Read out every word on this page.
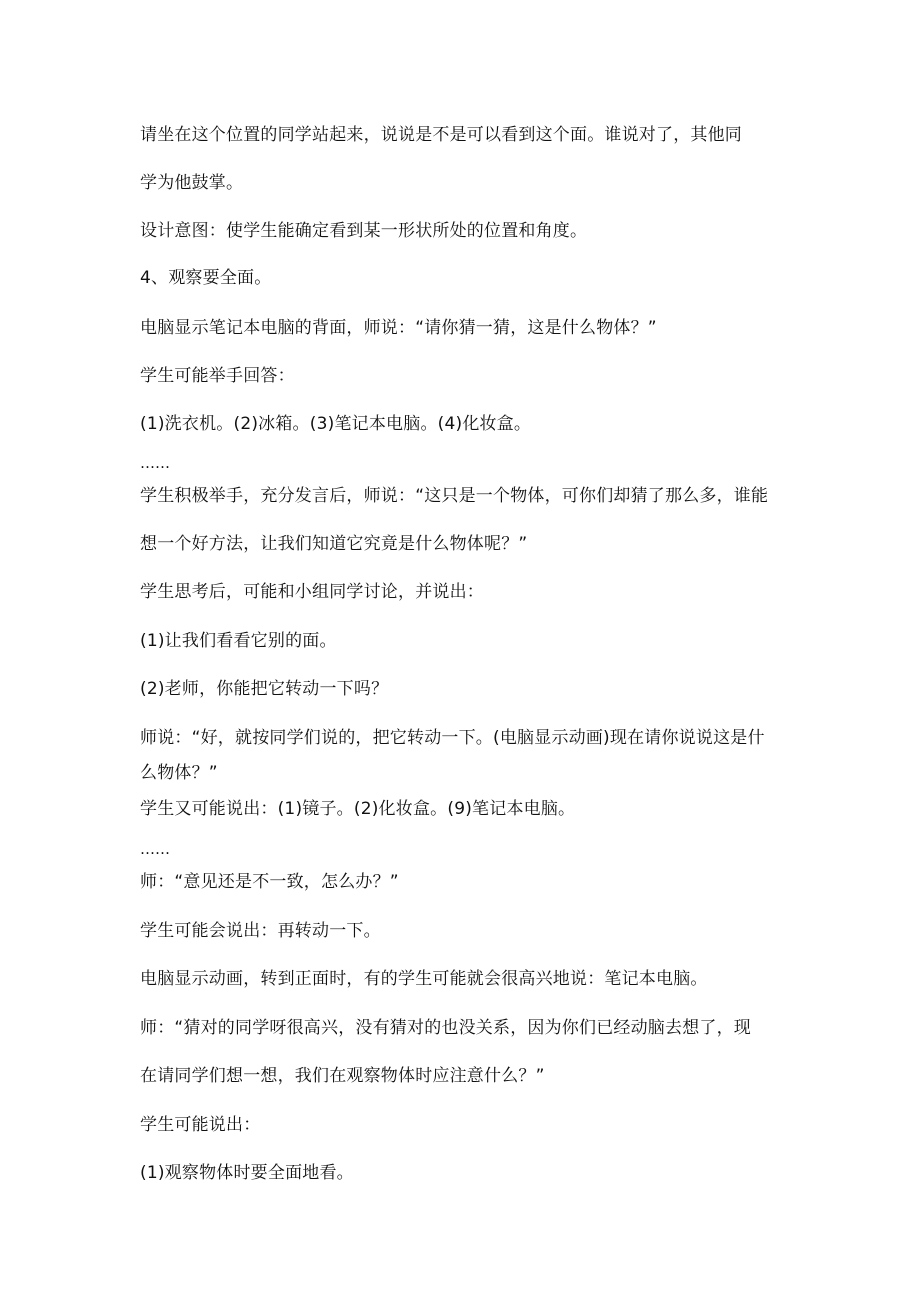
请坐在这个位置的同学站起来，说说是不是可以看到这个面。谁说对了，其他同
学为他鼓掌。
设计意图：使学生能确定看到某一形状所处的位置和角度。
4、观察要全面。
电脑显示笔记本电脑的背面，师说：“请你猜一猜，这是什么物体？”
学生可能举手回答：
(1)洗衣机。(2)冰箱。(3)笔记本电脑。(4)化妆盒。
……
学生积极举手，充分发言后，师说：“这只是一个物体，可你们却猜了那么多，谁能
想一个好方法，让我们知道它究竟是什么物体呢？”
学生思考后，可能和小组同学讨论，并说出：
(1)让我们看看它别的面。
(2)老师，你能把它转动一下吗？
师说：“好，就按同学们说的，把它转动一下。(电脑显示动画)现在请你说说这是什
么物体？”
学生又可能说出：(1)镜子。(2)化妆盒。(9)笔记本电脑。
……
师：“意见还是不一致，怎么办？”
学生可能会说出：再转动一下。
电脑显示动画，转到正面时，有的学生可能就会很高兴地说：笔记本电脑。
师：“猜对的同学呀很高兴，没有猜对的也没关系，因为你们已经动脑去想了，现
在请同学们想一想，我们在观察物体时应注意什么？”
学生可能说出：
(1)观察物体时要全面地看。
